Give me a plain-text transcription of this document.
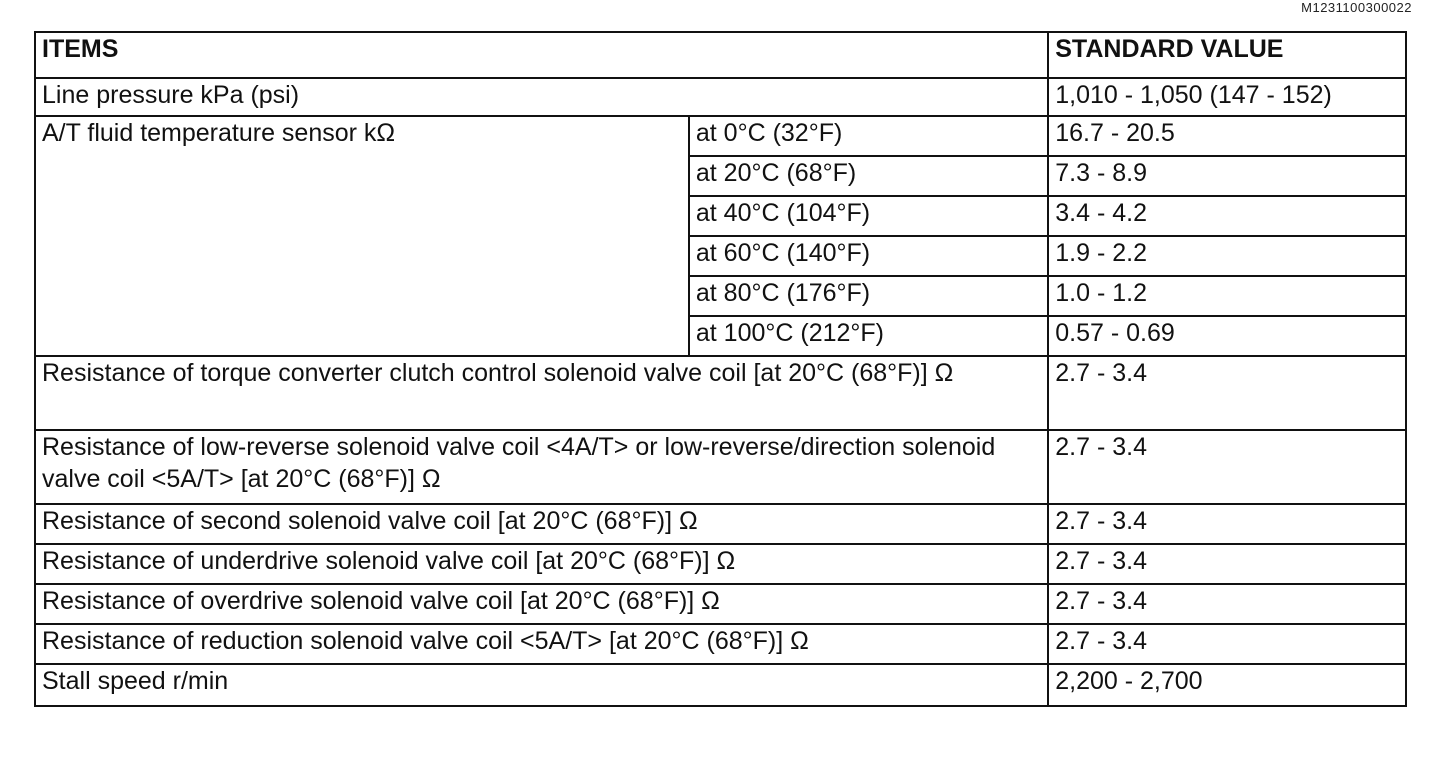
M1231100300022
ITEMS		STANDARD VALUE
Line pressure kPa (psi)		1,010 - 1,050 (147 - 152)
A/T fluid temperature sensor kΩ	at 0°C (32°F)	16.7 - 20.5
	at 20°C (68°F)	7.3 - 8.9
	at 40°C (104°F)	3.4 - 4.2
	at 60°C (140°F)	1.9 - 2.2
	at 80°C (176°F)	1.0 - 1.2
	at 100°C (212°F)	0.57 - 0.69
Resistance of torque converter clutch control solenoid valve coil [at 20°C (68°F)] Ω		2.7 - 3.4
Resistance of low-reverse solenoid valve coil <4A/T> or low-reverse/direction solenoid valve coil <5A/T> [at 20°C (68°F)] Ω		2.7 - 3.4
Resistance of second solenoid valve coil [at 20°C (68°F)] Ω		2.7 - 3.4
Resistance of underdrive solenoid valve coil [at 20°C (68°F)] Ω		2.7 - 3.4
Resistance of overdrive solenoid valve coil [at 20°C (68°F)] Ω		2.7 - 3.4
Resistance of reduction solenoid valve coil <5A/T> [at 20°C (68°F)] Ω		2.7 - 3.4
Stall speed r/min		2,200 - 2,700
